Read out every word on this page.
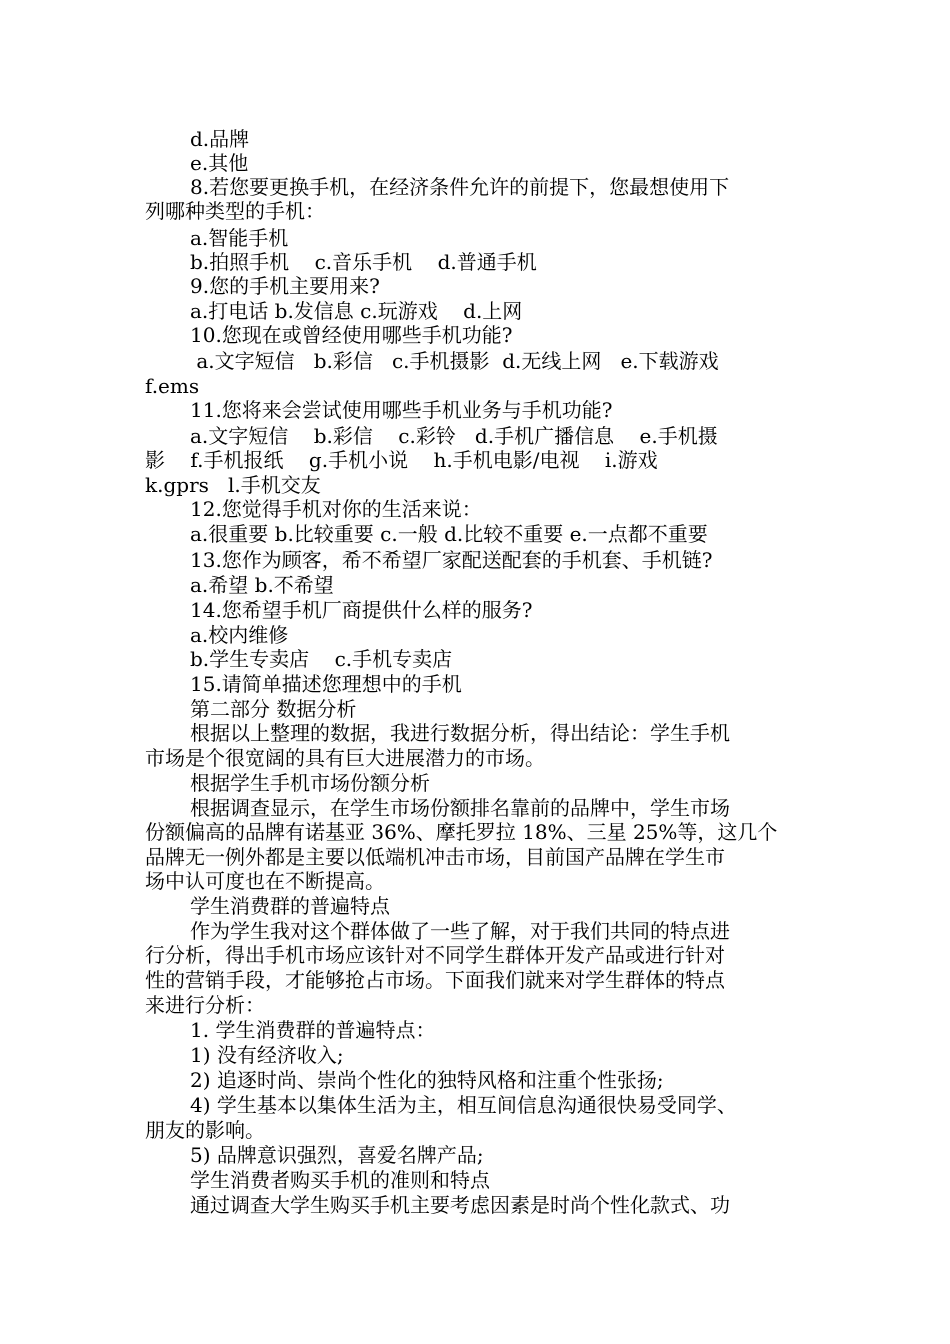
d.品牌
e.其他
8.若您要更换手机，在经济条件允许的前提下，您最想使用下
列哪种类型的手机：
a.智能手机
b.拍照手机    c.音乐手机    d.普通手机
9.您的手机主要用来?
a.打电话 b.发信息 c.玩游戏    d.上网
10.您现在或曾经使用哪些手机功能?
a.文字短信   b.彩信   c.手机摄影  d.无线上网   e.下载游戏
f.ems
11.您将来会尝试使用哪些手机业务与手机功能?
a.文字短信    b.彩信    c.彩铃   d.手机广播信息    e.手机摄
影    f.手机报纸    g.手机小说    h.手机电影/电视    i.游戏
k.gprs   l.手机交友
12.您觉得手机对你的生活来说：
a.很重要 b.比较重要 c.一般 d.比较不重要 e.一点都不重要
13.您作为顾客，希不希望厂家配送配套的手机套、手机链?
a.希望 b.不希望
14.您希望手机厂商提供什么样的服务?
a.校内维修
b.学生专卖店    c.手机专卖店
15.请简单描述您理想中的手机
第二部分 数据分析
根据以上整理的数据，我进行数据分析，得出结论：学生手机
市场是个很宽阔的具有巨大进展潜力的市场。
根据学生手机市场份额分析
根据调查显示，在学生市场份额排名靠前的品牌中，学生市场
份额偏高的品牌有诺基亚 36%、摩托罗拉 18%、三星 25%等，这几个
品牌无一例外都是主要以低端机冲击市场，目前国产品牌在学生市
场中认可度也在不断提高。
学生消费群的普遍特点
作为学生我对这个群体做了一些了解，对于我们共同的特点进
行分析，得出手机市场应该针对不同学生群体开发产品或进行针对
性的营销手段，才能够抢占市场。下面我们就来对学生群体的特点
来进行分析：
1. 学生消费群的普遍特点：
1) 没有经济收入;
2) 追逐时尚、崇尚个性化的独特风格和注重个性张扬;
4) 学生基本以集体生活为主，相互间信息沟通很快易受同学、
朋友的影响。
5) 品牌意识强烈，喜爱名牌产品;
学生消费者购买手机的准则和特点
通过调查大学生购买手机主要考虑因素是时尚个性化款式、功
